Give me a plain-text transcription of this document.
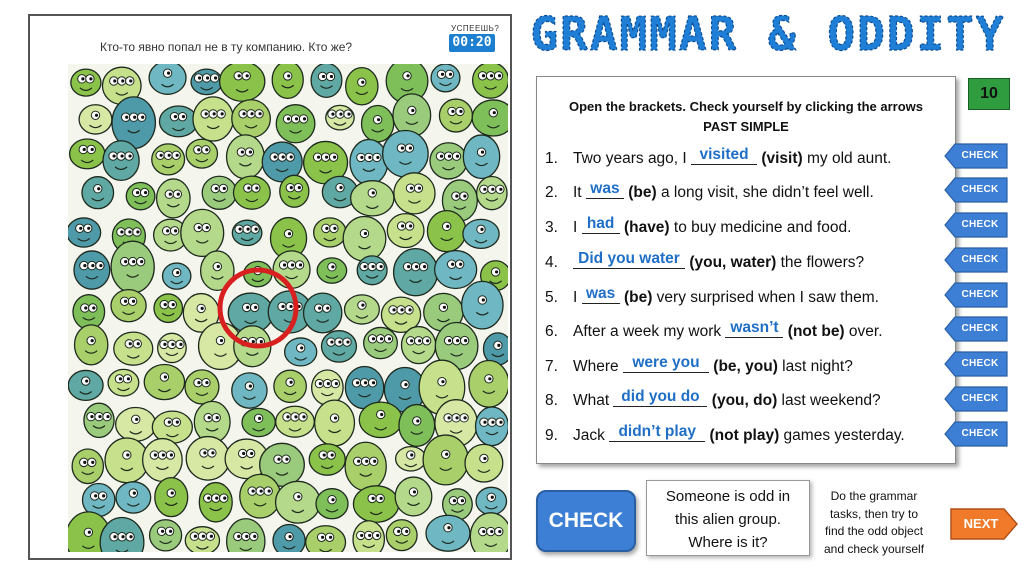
Кто-то явно попал не в ту компанию. Кто же?
УСПЕЕШЬ?
00:20 GRAMMAR & ODDITY
10
Open the brackets. Check yourself by clicking the arrows
PAST SIMPLE
1. Two years ago, I visited (visit) my old aunt.
2. It was (be) a long visit, she didn’t feel well.
3. I had (have) to buy medicine and food.
4. Did you water (you, water) the flowers?
5. I was (be) very surprised when I saw them.
6. After a week my work wasn’t (not be) over.
7. Where were you (be, you) last night?
8. What did you do (you, do) last weekend?
9. Jack didn’t play (not play) games yesterday.
CHECK
CHECK
CHECK
CHECK
CHECK
CHECK
CHECK
CHECK
CHECK
CHECK
Someone is odd in
this alien group.
Where is it?
Do the grammar
tasks, then try to
find the odd object
and check yourself
NEXT
